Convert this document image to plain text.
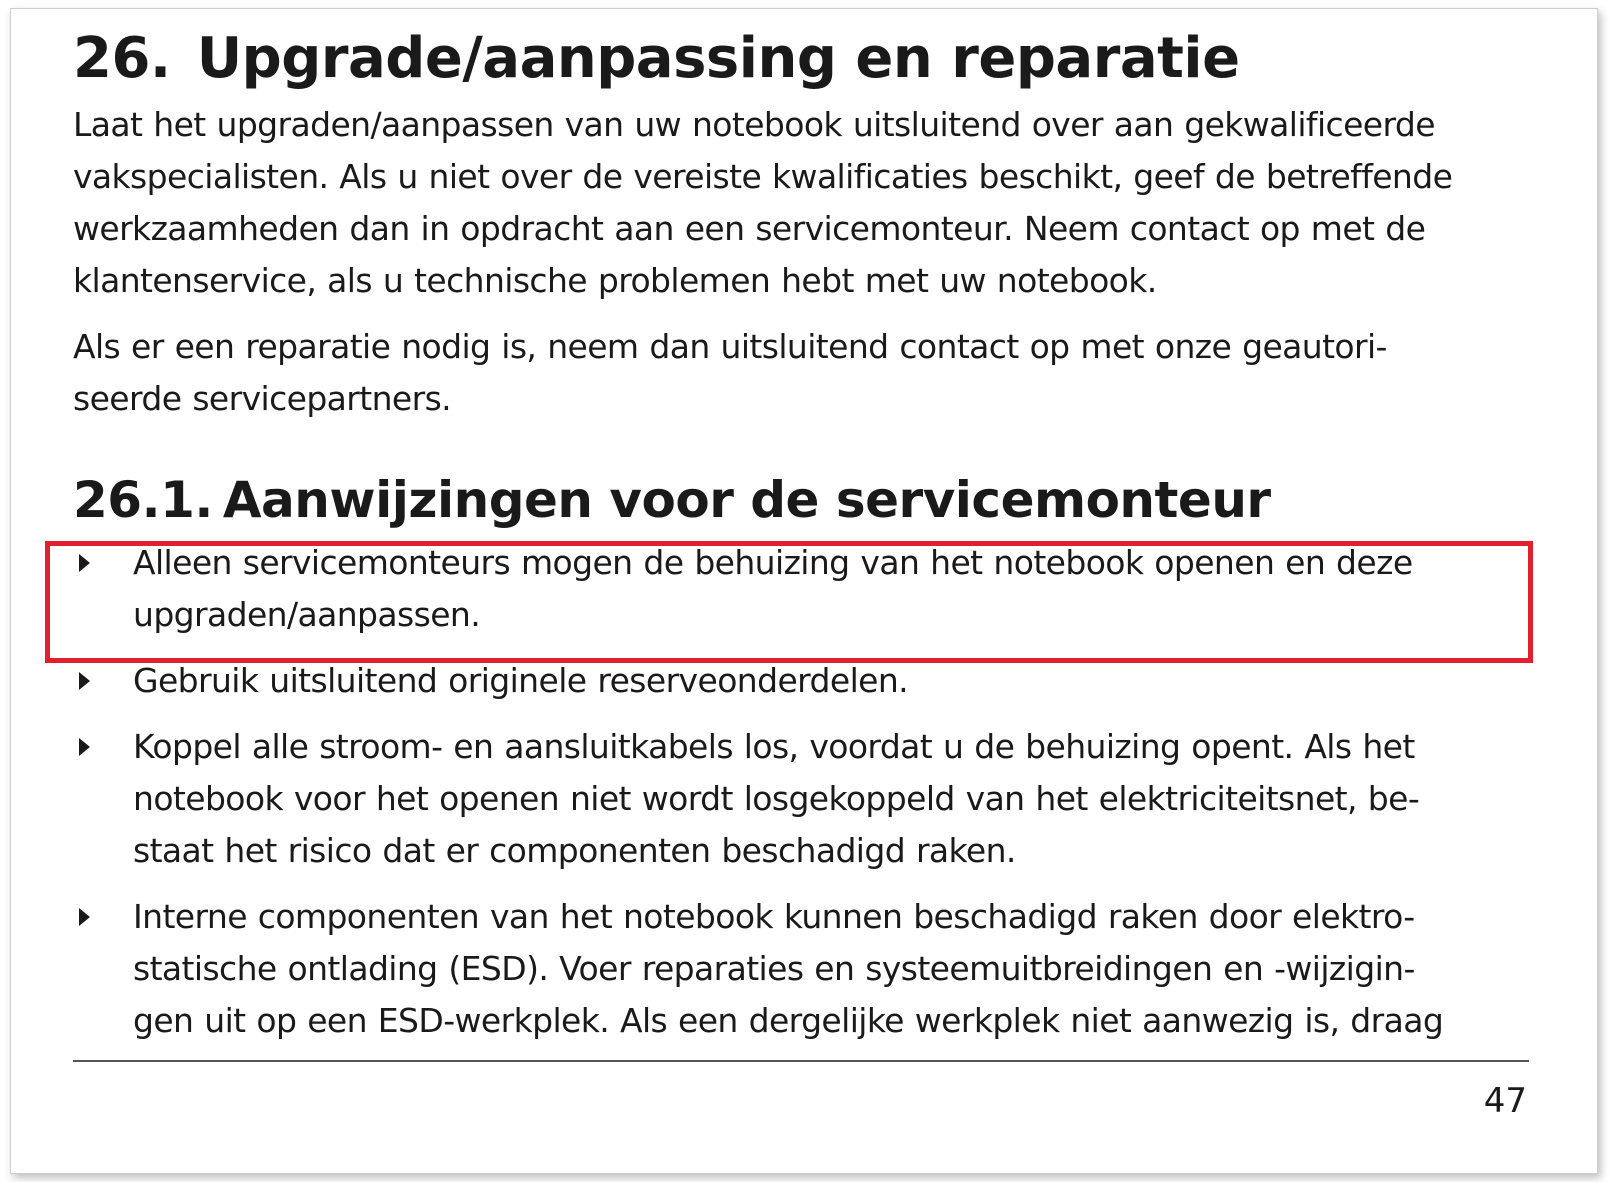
26. Upgrade/aanpassing en reparatie

Laat het upgraden/aanpassen van uw notebook uitsluitend over aan gekwalificeerde
vakspecialisten. Als u niet over de vereiste kwalificaties beschikt, geef de betreffende
werkzaamheden dan in opdracht aan een servicemonteur. Neem contact op met de
klantenservice, als u technische problemen hebt met uw notebook.

Als er een reparatie nodig is, neem dan uitsluitend contact op met onze geautori-
seerde servicepartners.

26.1. Aanwijzingen voor de servicemonteur
Alleen servicemonteurs mogen de behuizing van het notebook openen en deze
upgraden/aanpassen.
Gebruik uitsluitend originele reserveonderdelen.
Koppel alle stroom- en aansluitkabels los, voordat u de behuizing opent. Als het
notebook voor het openen niet wordt losgekoppeld van het elektriciteitsnet, be-
staat het risico dat er componenten beschadigd raken.
Interne componenten van het notebook kunnen beschadigd raken door elektro-
statische ontlading (ESD). Voer reparaties en systeemuitbreidingen en -wijzigin-
gen uit op een ESD-werkplek. Als een dergelijke werkplek niet aanwezig is, draag
47
